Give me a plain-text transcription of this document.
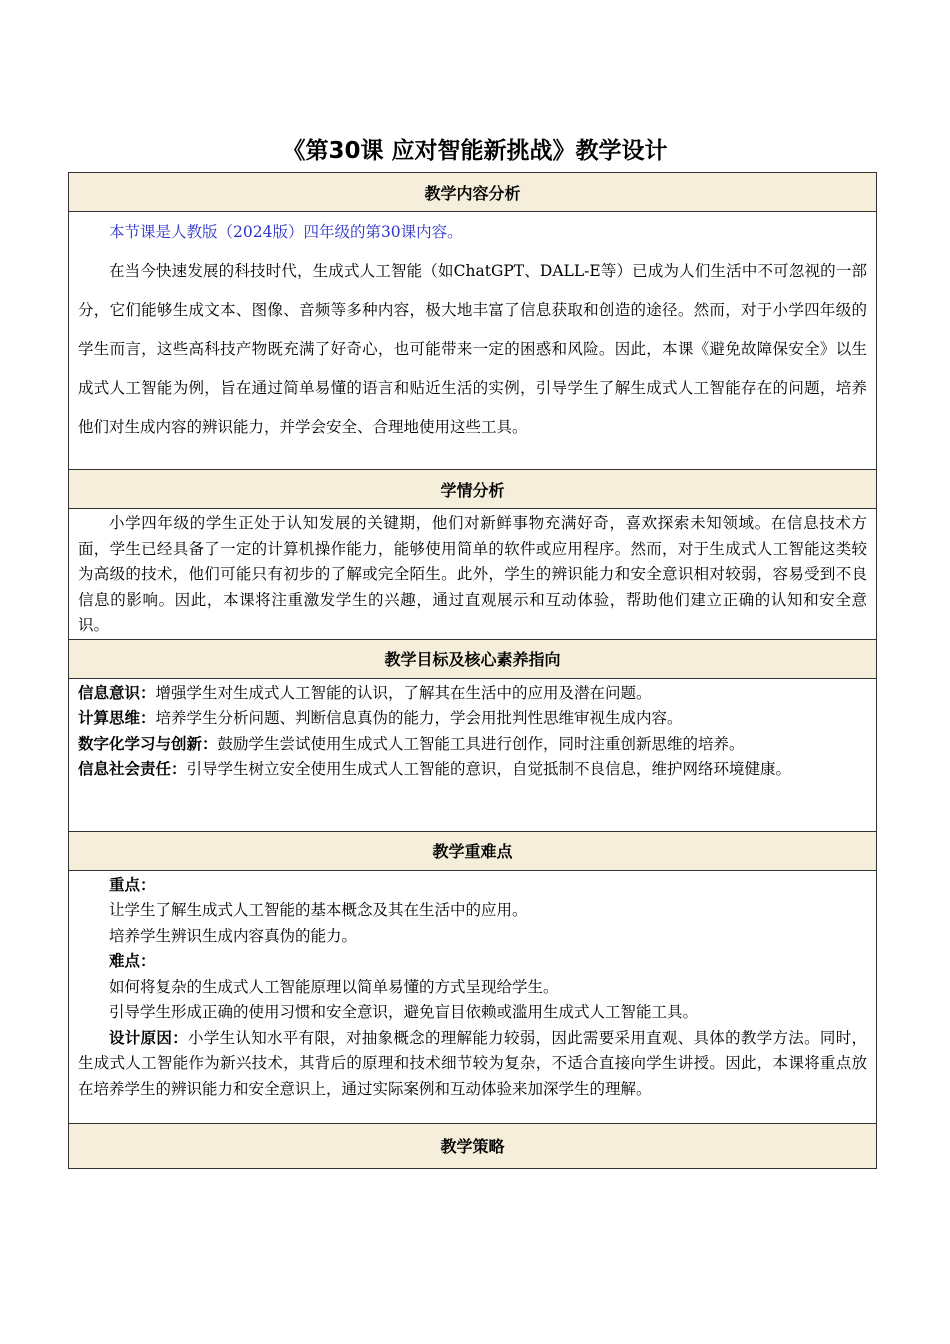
《第30课 应对智能新挑战》教学设计
教学内容分析

本节课是人教版（2024版）四年级的第30课内容。

在当今快速发展的科技时代，生成式人工智能（如ChatGPT、DALL-E等）已成为人们生活中不可忽视的一部分，它们能够生成文本、图像、音频等多种内容，极大地丰富了信息获取和创造的途径。然而，对于小学四年级的学生而言，这些高科技产物既充满了好奇心，也可能带来一定的困惑和风险。因此，本课《避免故障保安全》以生成式人工智能为例，旨在通过简单易懂的语言和贴近生活的实例，引导学生了解生成式人工智能存在的问题，培养他们对生成内容的辨识能力，并学会安全、合理地使用这些工具。

学情分析

小学四年级的学生正处于认知发展的关键期，他们对新鲜事物充满好奇，喜欢探索未知领域。在信息技术方面，学生已经具备了一定的计算机操作能力，能够使用简单的软件或应用程序。然而，对于生成式人工智能这类较为高级的技术，他们可能只有初步的了解或完全陌生。此外，学生的辨识能力和安全意识相对较弱，容易受到不良信息的影响。因此，本课将注重激发学生的兴趣，通过直观展示和互动体验，帮助他们建立正确的认知和安全意识。

教学目标及核心素养指向

信息意识：增强学生对生成式人工智能的认识，了解其在生活中的应用及潜在问题。

计算思维：培养学生分析问题、判断信息真伪的能力，学会用批判性思维审视生成内容。

数字化学习与创新：鼓励学生尝试使用生成式人工智能工具进行创作，同时注重创新思维的培养。

信息社会责任：引导学生树立安全使用生成式人工智能的意识，自觉抵制不良信息，维护网络环境健康。

教学重难点

重点：

让学生了解生成式人工智能的基本概念及其在生活中的应用。

培养学生辨识生成内容真伪的能力。

难点：

如何将复杂的生成式人工智能原理以简单易懂的方式呈现给学生。

引导学生形成正确的使用习惯和安全意识，避免盲目依赖或滥用生成式人工智能工具。

设计原因：小学生认知水平有限，对抽象概念的理解能力较弱，因此需要采用直观、具体的教学方法。同时，生成式人工智能作为新兴技术，其背后的原理和技术细节较为复杂，不适合直接向学生讲授。因此，本课将重点放在培养学生的辨识能力和安全意识上，通过实际案例和互动体验来加深学生的理解。

教学策略
